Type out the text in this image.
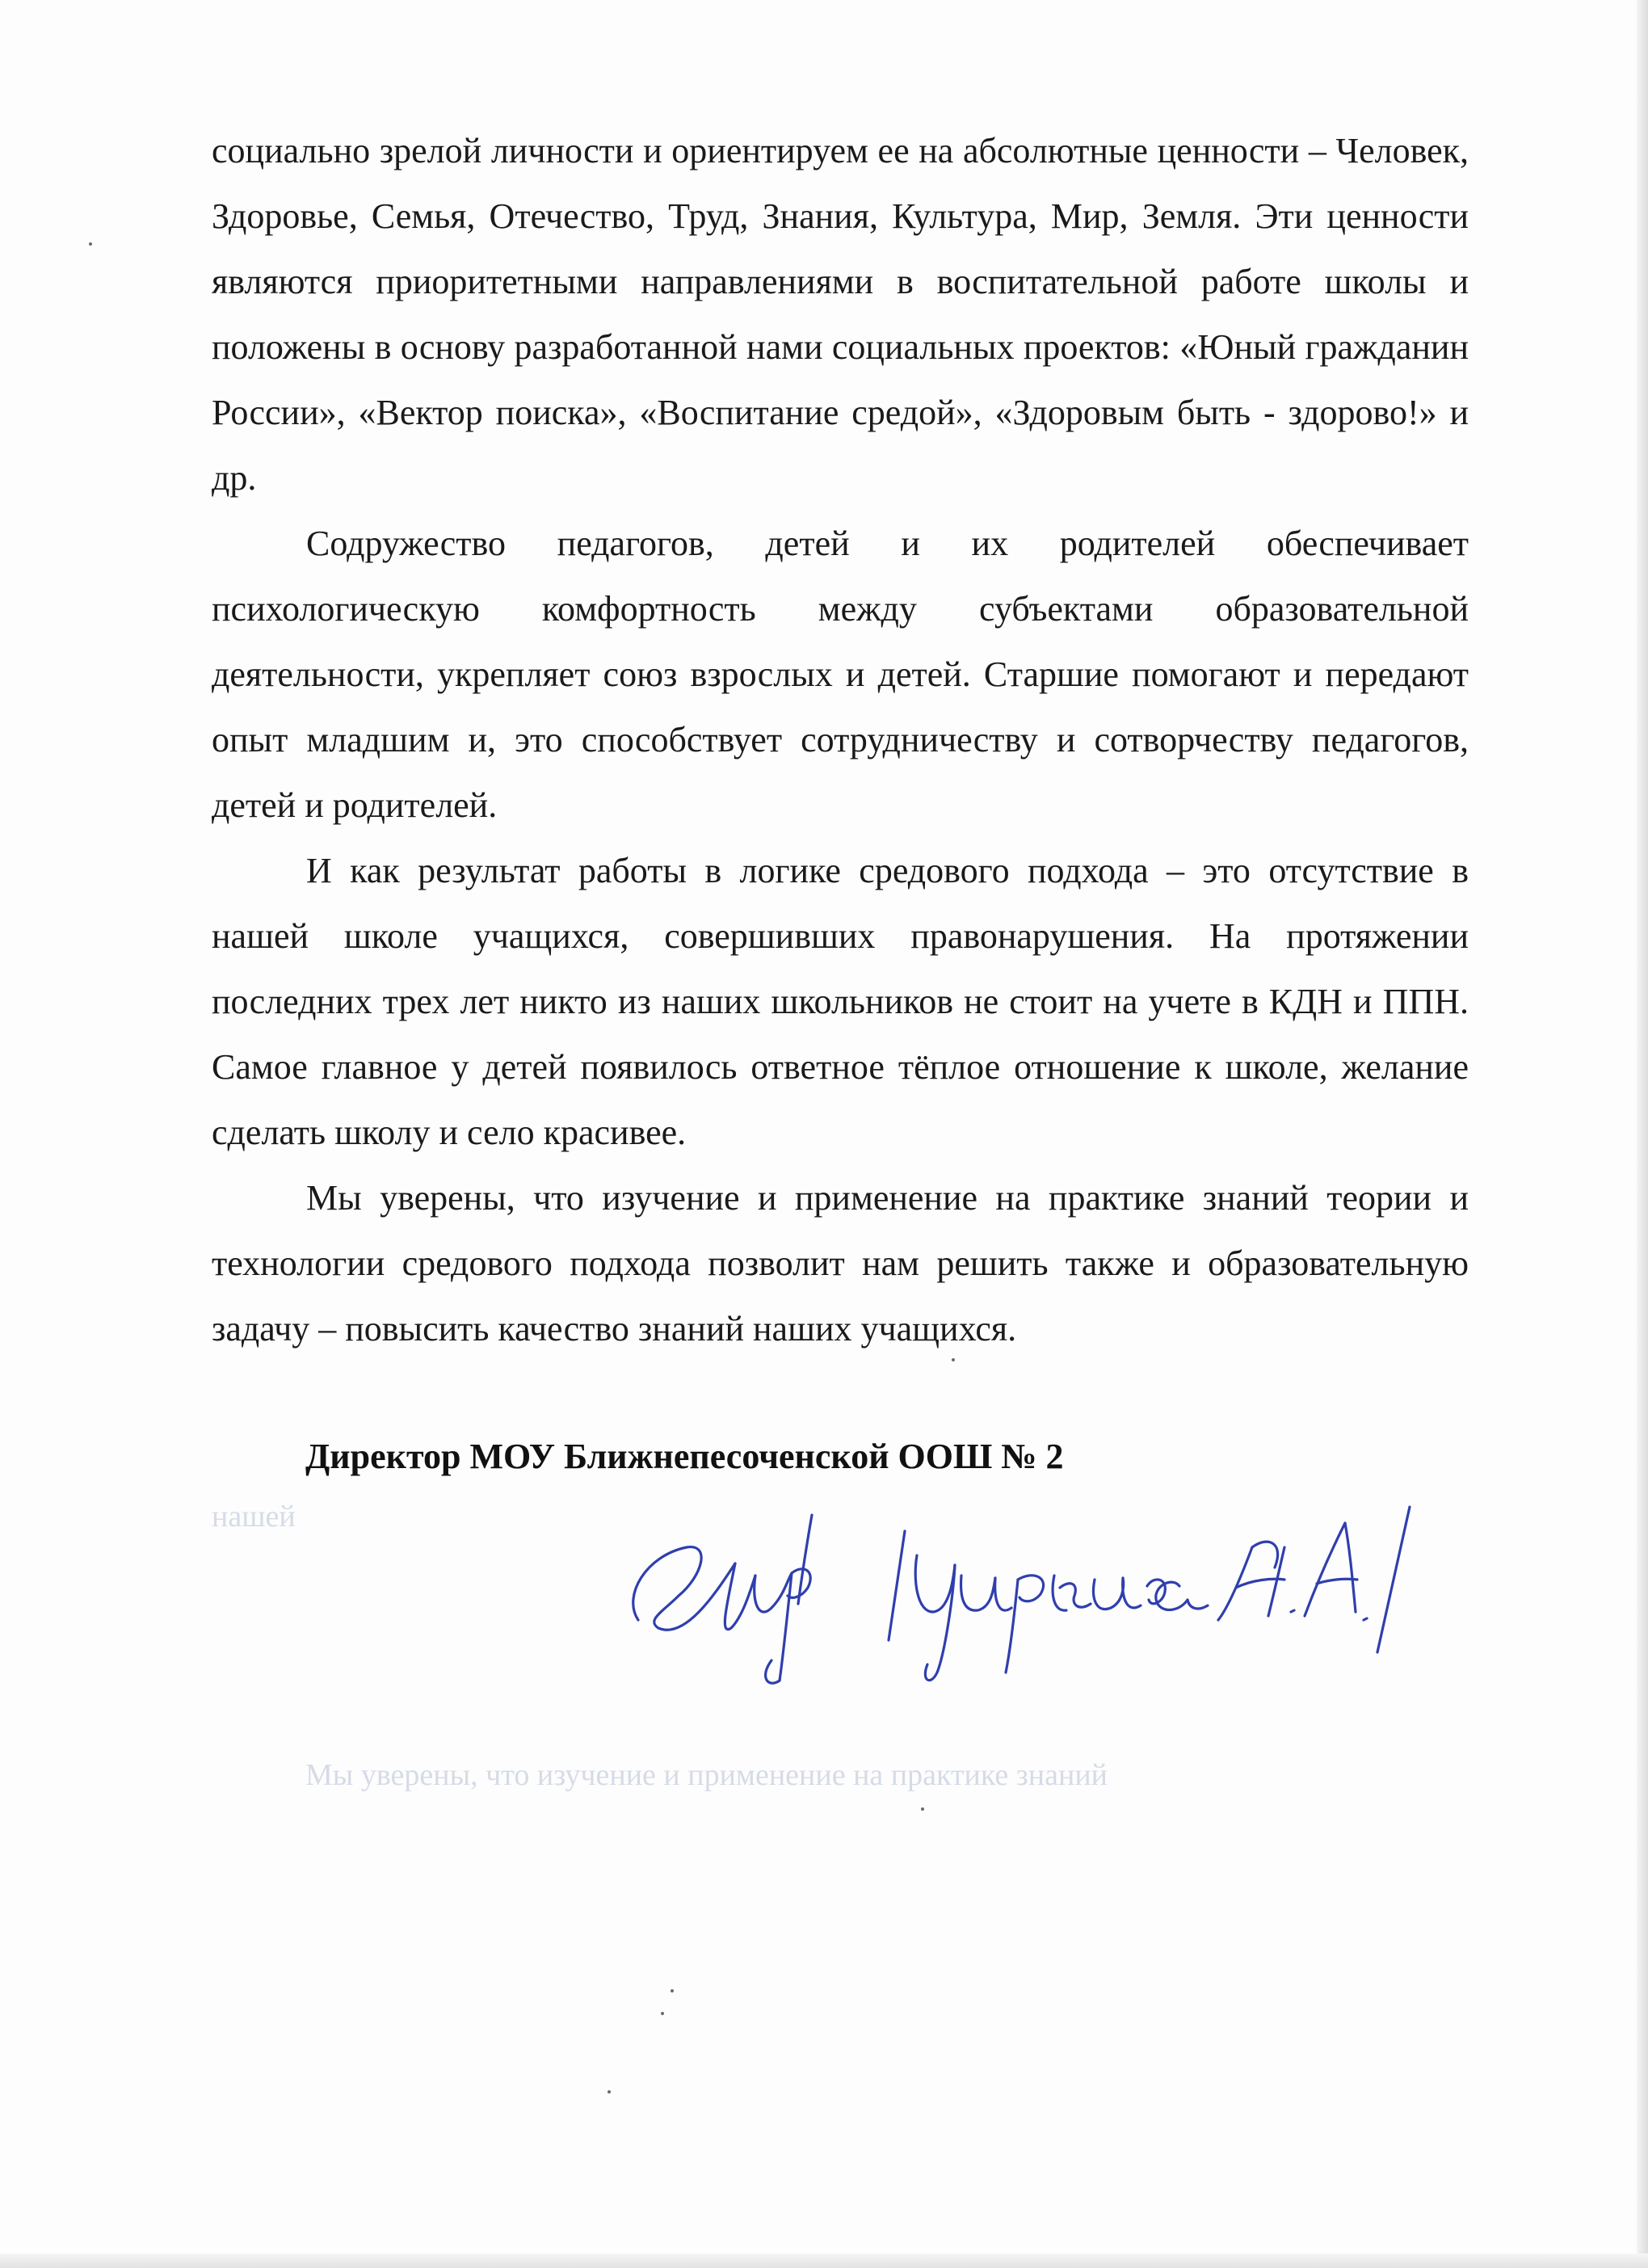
нашей
Мы уверены, что изучение и применение на практике знаний

социально зрелой личности и ориентируем ее на абсолютные ценности – Человек, Здоровье, Семья, Отечество, Труд, Знания, Культура, Мир, Земля. Эти ценности являются приоритетными направлениями в воспитательной работе школы и положены в основу разработанной нами социальных проектов: «Юный гражданин России», «Вектор поиска», «Воспитание средой», «Здоровым быть - здорово!» и др.

Содружество педагогов, детей и их родителей обеспечивает психологическую комфортность между субъектами образовательной деятельности, укрепляет союз взрослых и детей. Старшие помогают и передают опыт младшим и, это способствует сотрудничеству и сотворчеству педагогов, детей и родителей.

И как результат работы в логике средового подхода – это отсутствие в нашей школе учащихся, совершивших правонарушения. На протяжении последних трех лет никто из наших школьников не стоит на учете в КДН и ППН. Самое главное у детей появилось ответное тёплое отношение к школе, желание сделать школу и село красивее.

Мы уверены, что изучение и применение на практике знаний теории и технологии средового подхода позволит нам решить также и образовательную задачу – повысить качество знаний наших учащихся.

Директор МОУ Ближнепесоченской ООШ № 2
